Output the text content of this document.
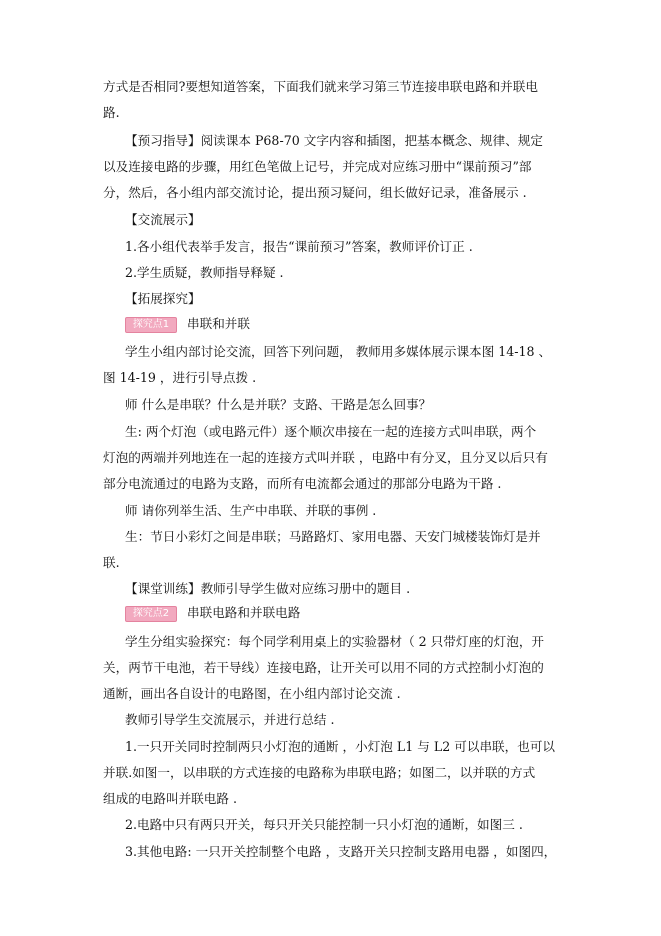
方式是否相同?要想知道答案，下面我们就来学习第三节连接串联电路和并联电
路.
【预习指导】阅读课本 P68-70 文字内容和插图，把基本概念、规律、规定
以及连接电路的步骤，用红色笔做上记号，并完成对应练习册中“课前预习”部
分，然后，各小组内部交流讨论，提出预习疑问，组长做好记录，准备展示 .
【交流展示】
1.各小组代表举手发言，报告“课前预习”答案，教师评价订正 .
2.学生质疑，教师指导释疑 .
【拓展探究】
探究点1 串联和并联
学生小组内部讨论交流，回答下列问题， 教师用多媒体展示课本图 14-18 、
图 14-19 ，进行引导点拨 .
师 什么是串联？什么是并联？支路、干路是怎么回事？
生: 两个灯泡（或电路元件）逐个顺次串接在一起的连接方式叫串联，两个
灯泡的两端并列地连在一起的连接方式叫并联 ，电路中有分叉，且分叉以后只有
部分电流通过的电路为支路，而所有电流都会通过的那部分电路为干路 .
师 请你列举生活、生产中串联、并联的事例 .
生：节日小彩灯之间是串联；马路路灯、家用电器、天安门城楼装饰灯是并
联.
【课堂训练】教师引导学生做对应练习册中的题目 .
探究点2 串联电路和并联电路
学生分组实验探究：每个同学利用桌上的实验器材（ 2 只带灯座的灯泡，开
关，两节干电池，若干导线）连接电路，让开关可以用不同的方式控制小灯泡的
通断，画出各自设计的电路图，在小组内部讨论交流 .
教师引导学生交流展示，并进行总结 .
1.一只开关同时控制两只小灯泡的通断 ，小灯泡 L1 与 L2 可以串联，也可以
并联.如图一，以串联的方式连接的电路称为串联电路；如图二，以并联的方式
组成的电路叫并联电路 .
2.电路中只有两只开关，每只开关只能控制一只小灯泡的通断，如图三 .
3.其他电路: 一只开关控制整个电路 ，支路开关只控制支路用电器 ，如图四，
